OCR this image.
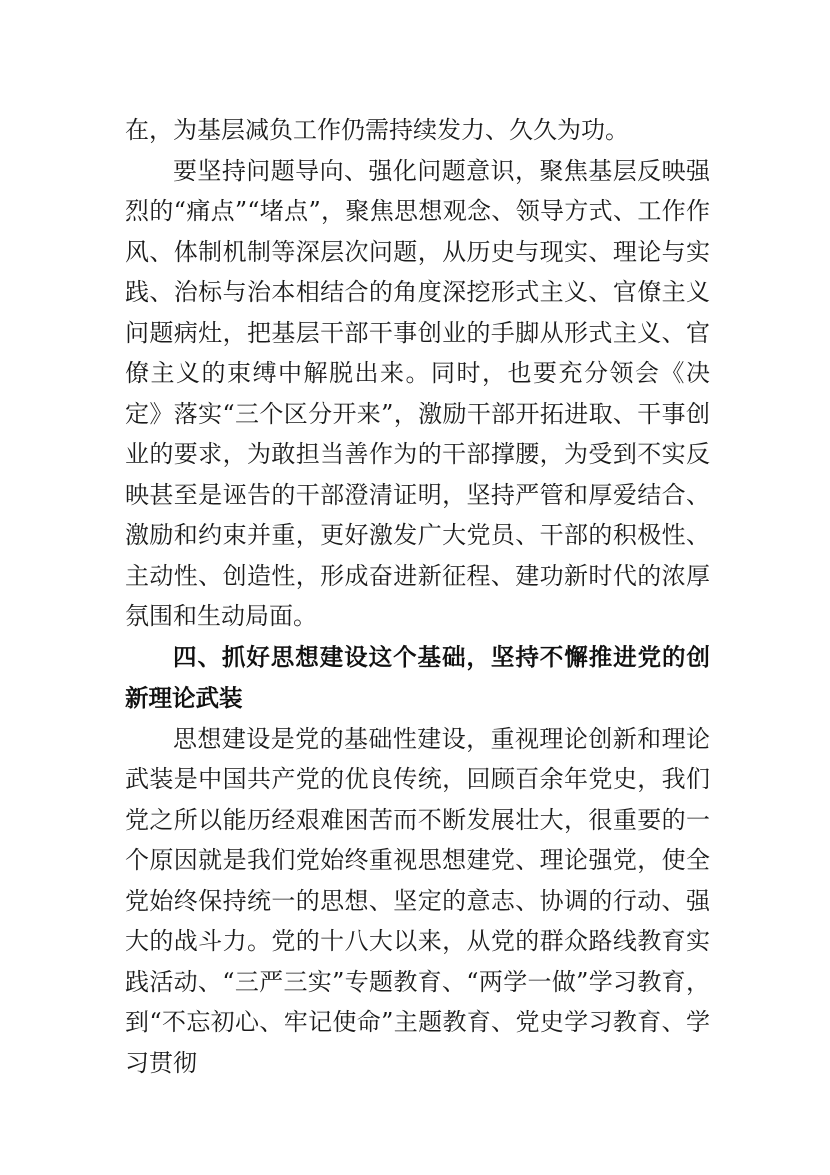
在，为基层减负工作仍需持续发力、久久为功。

要坚持问题导向、强化问题意识，聚焦基层反映强烈的“痛点”“堵点”，聚焦思想观念、领导方式、工作作风、体制机制等深层次问题，从历史与现实、理论与实践、治标与治本相结合的角度深挖形式主义、官僚主义问题病灶，把基层干部干事创业的手脚从形式主义、官僚主义的束缚中解脱出来。同时，也要充分领会《决定》落实“三个区分开来”，激励干部开拓进取、干事创业的要求，为敢担当善作为的干部撑腰，为受到不实反映甚至是诬告的干部澄清证明，坚持严管和厚爱结合、激励和约束并重，更好激发广大党员、干部的积极性、主动性、创造性，形成奋进新征程、建功新时代的浓厚氛围和生动局面。

四、抓好思想建设这个基础，坚持不懈推进党的创新理论武装

思想建设是党的基础性建设，重视理论创新和理论武装是中国共产党的优良传统，回顾百余年党史，我们党之所以能历经艰难困苦而不断发展壮大，很重要的一个原因就是我们党始终重视思想建党、理论强党，使全党始终保持统一的思想、坚定的意志、协调的行动、强大的战斗力。党的十八大以来，从党的群众路线教育实践活动、“三严三实”专题教育、“两学一做”学习教育，到“不忘初心、牢记使命”主题教育、党史学习教育、学习贯彻
